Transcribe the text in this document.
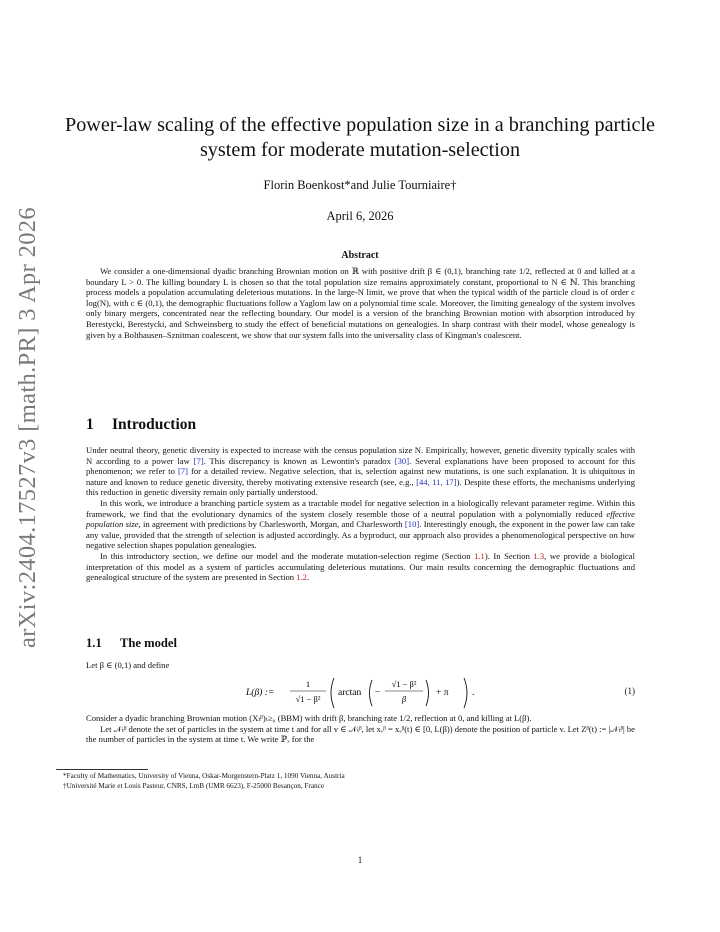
arXiv:2404.17527v3 [math.PR] 3 Apr 2026
Power-law scaling of the effective population size in a branching particle system for moderate mutation-selection
Florin Boenkost*and Julie Tourniaire†
April 6, 2026
Abstract
We consider a one-dimensional dyadic branching Brownian motion on ℝ with positive drift β ∈ (0,1), branching rate 1/2, reflected at 0 and killed at a boundary L > 0. The killing boundary L is chosen so that the total population size remains approximately constant, proportional to N ∈ ℕ. This branching process models a population accumulating deleterious mutations. In the large-N limit, we prove that when the typical width of the particle cloud is of order c log(N), with c ∈ (0,1), the demographic fluctuations follow a Yaglom law on a polynomial time scale. Moreover, the limiting genealogy of the system involves only binary mergers, concentrated near the reflecting boundary. Our model is a version of the branching Brownian motion with absorption introduced by Berestycki, Berestycki, and Schweinsberg to study the effect of beneficial mutations on genealogies. In sharp contrast with their model, whose genealogy is given by a Bolthausen–Sznitman coalescent, we show that our system falls into the universality class of Kingman's coalescent.
1 Introduction

Under neutral theory, genetic diversity is expected to increase with the census population size N. Empirically, however, genetic diversity typically scales with N according to a power law [7]. This discrepancy is known as Lewontin's paradox [30]. Several explanations have been proposed to account for this phenomenon; we refer to [7] for a detailed review. Negative selection, that is, selection against new mutations, is one such explanation. It is ubiquitous in nature and known to reduce genetic diversity, thereby motivating extensive research (see, e.g., [44, 11, 17]). Despite these efforts, the mechanisms underlying this reduction in genetic diversity remain only partially understood.

In this work, we introduce a branching particle system as a tractable model for negative selection in a biologically relevant parameter regime. Within this framework, we find that the evolutionary dynamics of the system closely resemble those of a neutral population with a polynomially reduced effective population size, in agreement with predictions by Charlesworth, Morgan, and Charlesworth [10]. Interestingly enough, the exponent in the power law can take any value, provided that the strength of selection is adjusted accordingly. As a byproduct, our approach also provides a phenomenological perspective on how negative selection shapes population genealogies.

In this introductory section, we define our model and the moderate mutation-selection regime (Section 1.1). In Section 1.3, we provide a biological interpretation of this model as a system of particles accumulating deleterious mutations. Our main results concerning the demographic fluctuations and genealogical structure of the system are presented in Section 1.2.

1.1 The model

Let β ∈ (0,1) and define

L(β) :=
1
√1 − β²
arctan −
√1 − β²
β
+ π .	(1)

Consider a dyadic branching Brownian motion (Xₜᵝ)ₜ≥₀ (BBM) with drift β, branching rate 1/2, reflection at 0, and killing at L(β).

Let 𝒩ₜᵝ denote the set of particles in the system at time t and for all v ∈ 𝒩ₜᵝ, let xᵥᵝ = xᵥᵝ(t) ∈ [0, L(β)) denote the position of particle v. Let Zᵝ(t) := |𝒩ₜᵝ| be the number of particles in the system at time t. We write ℙₓ for the

*Faculty of Mathematics, University of Vienna, Oskar-Morgenstern-Platz 1, 1090 Vienna, Austria
†Université Marie et Louis Pasteur, CNRS, LmB (UMR 6623), F-25000 Besançon, France
1
